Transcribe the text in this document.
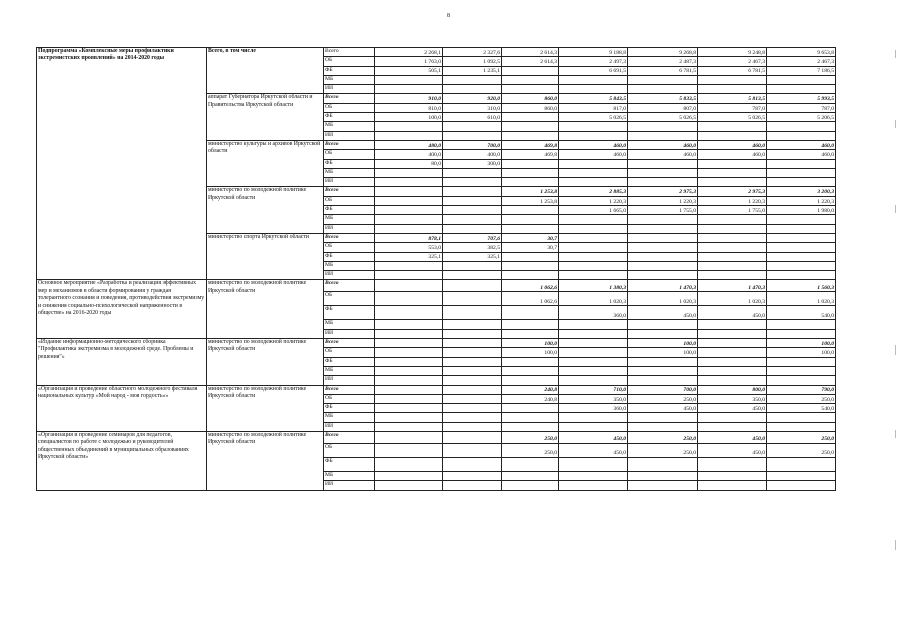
8
Подпрограмма «Комплексные меры профилактики экстремистских проявлений» на 2014-2020 годы	Всего, в том числе	Всего	2 268,1	2 327,6	2 614,3	9 188,8	9 268,8	9 248,8	9 653,8
		ОБ	1 763,0	1 092,5	2 614,3	2 497,3	2 487,3	2 467,3	2 467,3
		ФБ	505,1	1 235,1		6 691,5	6 781,5	6 781,5	7 186,5
		МБ							
		ИИ							
	аппарат Губернатора Иркутской области и Правительства Иркутской области	Всего	910,0	920,0	860,0	5 843,5	5 833,5	5 813,5	5 993,5
		ОБ	810,0	310,0	860,0	817,0	807,0	787,0	787,0
		ФБ	100,0	610,0		5 026,5	5 026,5	5 026,5	5 206,5
		МБ							
		ИИ							
	министерство культуры и архивов Иркутской области	Всего	480,0	700,0	469,8	460,0	460,0	460,0	460,0
		ОБ	400,0	400,0	469,8	460,0	460,0	460,0	460,0
		ФБ	80,0	300,0					
		МБ							
		ИИ							
	министерство по молодежной политике Иркутской области	Всего			1 253,8	2 885,3	2 975,3	2 975,3	3 200,3
		ОБ			1 253,8	1 220,3	1 220,3	1 220,3	1 220,3
		ФБ				1 665,0	1 755,0	1 755,0	1 980,0
		МБ							
		ИИ							
	министерство спорта Иркутской области	Всего	878,1	707,6	30,7				
		ОБ	553,0	382,5	30,7				
		ФБ	325,1	325,1					
		МБ							
		ИИ							
Основное мероприятие «Разработка и реализация эффективных мер и механизмов в области формирования у граждан толерантного сознания и поведения, противодействия экстремизму и снижения социально-психологической напряженности в обществе» на 2016-2020 годы	министерство по молодежной политике Иркутской области	Всего			1 062,6	1 380,3	1 470,3	1 470,3	1 560,3
		ОБ			1 062,6	1 020,3	1 020,3	1 020,3	1 020,3
		ФБ				360,0	450,0	450,0	540,0
		МБ							
		ИИ							
«Издание информационно-методического сборника "Профилактика экстремизма в молодежной среде. Проблемы и решения"»	министерство по молодежной политике Иркутской области	Всего			100,0		100,0		100,0
		ОБ			100,0		100,0		100,0
		ФБ							
		МБ							
		ИИ							
«Организация и проведение областного молодежного фестиваля национальных культур «Мой народ - моя гордость»»	министерство по молодежной политике Иркутской области	Всего			240,8	710,0	700,0	800,0	790,0
		ОБ			240,8	350,0	250,0	350,0	250,0
		ФБ				360,0	450,0	450,0	540,0
		МБ							
		ИИ							
«Организация и проведение семинаров для педагогов, специалистов по работе с молодежью и руководителей общественных объединений в муниципальных образованиях Иркутской области»	министерство по молодежной политике Иркутской области	Всего			250,0	450,0	250,0	450,0	250,0
		ОБ			250,0	450,0	250,0	450,0	250,0
		ФБ							
		МБ							
		ИИ							
